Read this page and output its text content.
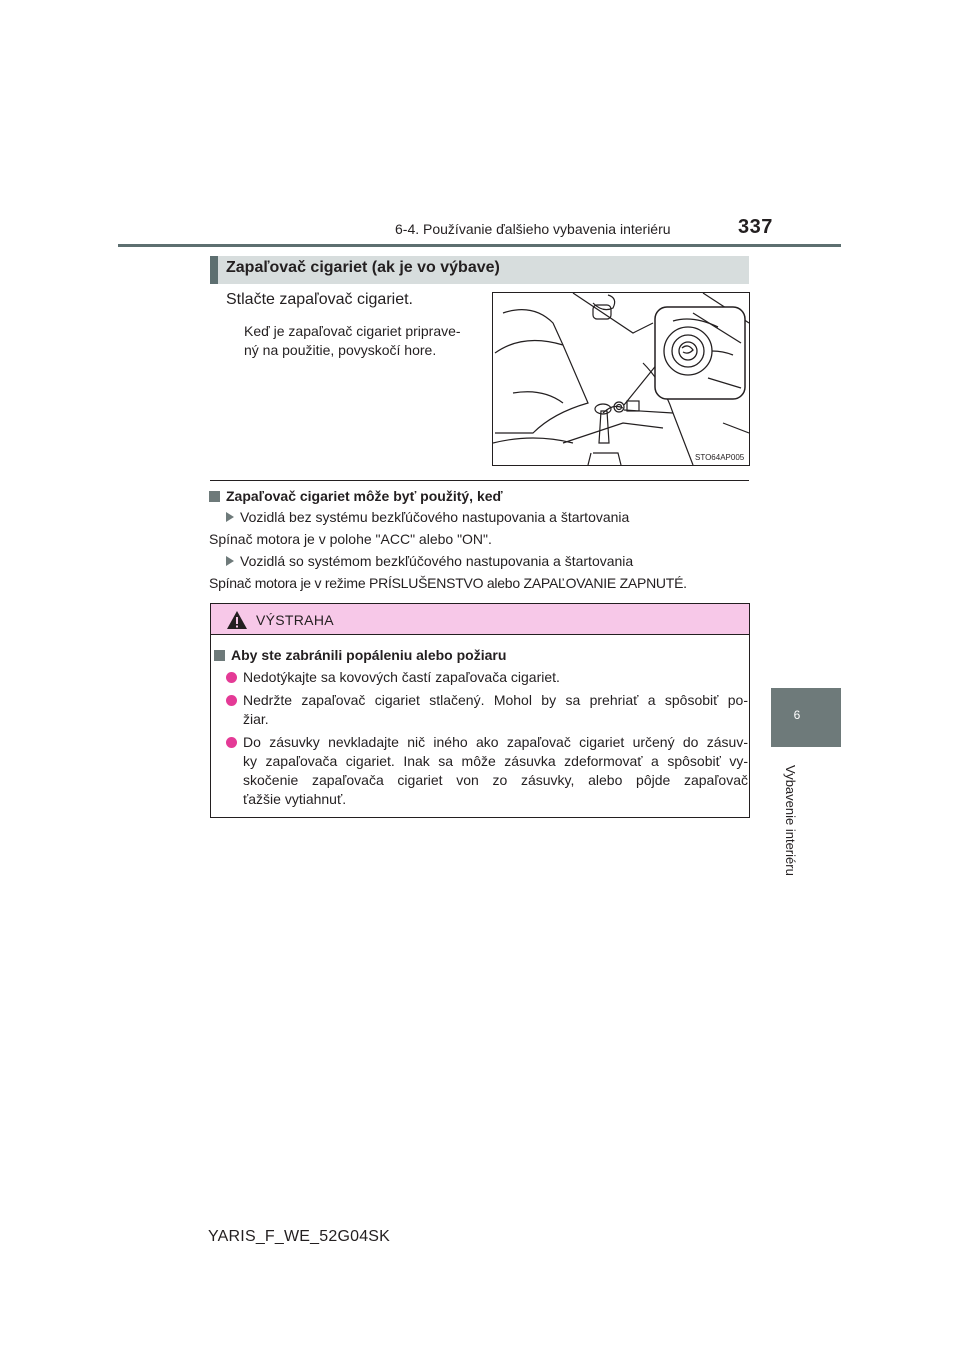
6-4. Používanie ďalšieho vybavenia interiéru	337
6
Vybavenie interiéru
Zapaľovač cigariet (ak je vo výbave)
Stlačte zapaľovač cigariet.
Keď je zapaľovač cigariet priprave-
ný na použitie, povyskočí hore.
STO64AP005
Zapaľovač cigariet môže byť použitý, keď
Vozidlá bez systému bezkľúčového nastupovania a štartovania
Spínač motora je v polohe "ACC" alebo "ON".
Vozidlá so systémom bezkľúčového nastupovania a štartovania
Spínač motora je v režime PRÍSLUŠENSTVO alebo ZAPAĽOVANIE ZAPNUTÉ.
VÝSTRAHA
Aby ste zabránili popáleniu alebo požiaru
Nedotýkajte sa kovových častí zapaľovača cigariet.
Nedržte zapaľovač cigariet stlačený. Mohol by sa prehriať a spôsobiť po-
žiar.
Do zásuvky nevkladajte nič iného ako zapaľovač cigariet určený do zásuv-
ky zapaľovača cigariet. Inak sa môže zásuvka zdeformovať a spôsobiť vy-
skočenie zapaľovača cigariet von zo zásuvky, alebo pôjde zapaľovač
ťažšie vytiahnuť.
YARIS_F_WE_52G04SK
